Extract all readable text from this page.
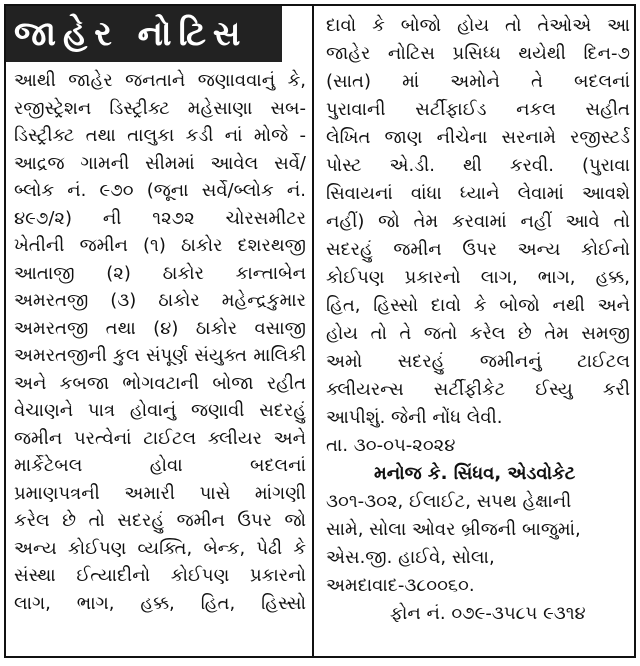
જાહેર નોટિસ
આથી જાહેર જનતાને જણાવવાનું કે,
રજીસ્ટ્રેશન ડિસ્ટ્રીક્ટ મહેસાણા સબ-
ડિસ્ટ્રીક્ટ તથા તાલુકા કડી નાં મોજે -
આદ્રજ ગામની સીમમાં આવેલ સર્વે/
બ્લોક નં. ૯૭૦ (જૂના સર્વે/બ્લોક નં.
૪૯૭/૨) ની ૧૨૭૨ ચોરસમીટર
ખેતીની જમીન (૧) ઠાકોર દશરથજી
આતાજી (૨) ઠાકોર કાન્તાબેન
અમરતજી (૩) ઠાકોર મહેન્દ્રકુમાર
અમરતજી તથા (૪) ઠાકોર વસાજી
અમરતજીની કુલ સંપૂર્ણ સંયુક્ત માલિકી
અને કબજા ભોગવટાની બોજા રહીત
વેચાણને પાત્ર હોવાનું જણાવી સદરહું
જમીન પરત્વેનાં ટાઈટલ ક્લીયર અને
માર્કેટેબલ હોવા બદલનાં
પ્રમાણપત્રની અમારી પાસે માંગણી
કરેલ છે તો સદરહું જમીન ઉપર જો
અન્ય કોઈપણ વ્યક્તિ, બેન્ક, પેઢી કે
સંસ્થા ઈત્યાદીનો કોઈપણ પ્રકારનો
લાગ, ભાગ, હક્ક, હિત, હિસ્સો
દાવો કે બોજો હોય તો તેઓએ આ
જાહેર નોટિસ પ્રસિધ્ધ થયેથી દિન-૭
(સાત) માં અમોને તે બદલનાં
પુરાવાની સર્ટીફાઈડ નકલ સહીત
લેખિત જાણ નીચેના સરનામે રજીસ્ટર્ડ
પોસ્ટ એ.ડી. થી કરવી. (પુરાવા
સિવાયનાં વાંધા ધ્યાને લેવામાં આવશે
નહીં) જો તેમ કરવામાં નહીં આવે તો
સદરહું જમીન ઉપર અન્ય કોઈનો
કોઈપણ પ્રકારનો લાગ, ભાગ, હક્ક,
હિત, હિસ્સો દાવો કે બોજો નથી અને
હોય તો તે જતો કરેલ છે તેમ સમજી
અમો સદરહું જમીનનું ટાઈટલ
ક્લીયરન્સ સર્ટીફીકેટ ઈસ્યુ કરી
આપીશું. જેની નોંધ લેવી.
તા. ૩૦-૦૫-૨૦૨૪
મનોજ કે. સિંધવ, એડવોકેટ
૩૦૧-૩૦૨, ઈલાઈટ, સપથ હેક્ષાની
સામે, સોલા ઓવર બ્રીજની બાજુમાં,
એસ.જી. હાઈવે, સોલા,
અમદાવાદ-૩૮૦૦૬૦.
ફોન નં. ૦૭૯-૩૫૮૫ ૯૩૧૪
